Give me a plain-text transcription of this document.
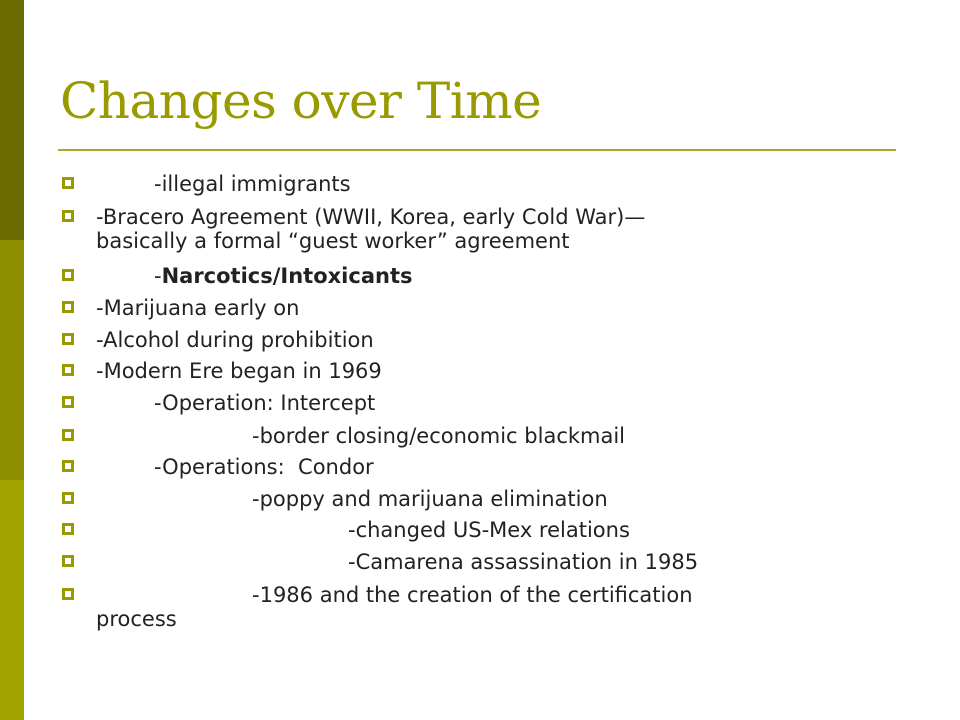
Changes over Time
-illegal immigrants
-Bracero Agreement (WWII, Korea, early Cold War)—
basically a formal “guest worker” agreement
-Narcotics/Intoxicants
-Marijuana early on
-Alcohol during prohibition
-Modern Ere began in 1969
-Operation: Intercept
-border closing/economic blackmail
-Operations:  Condor
-poppy and marijuana elimination
-changed US-Mex relations
-Camarena assassination in 1985
-1986 and the creation of the certification
process
